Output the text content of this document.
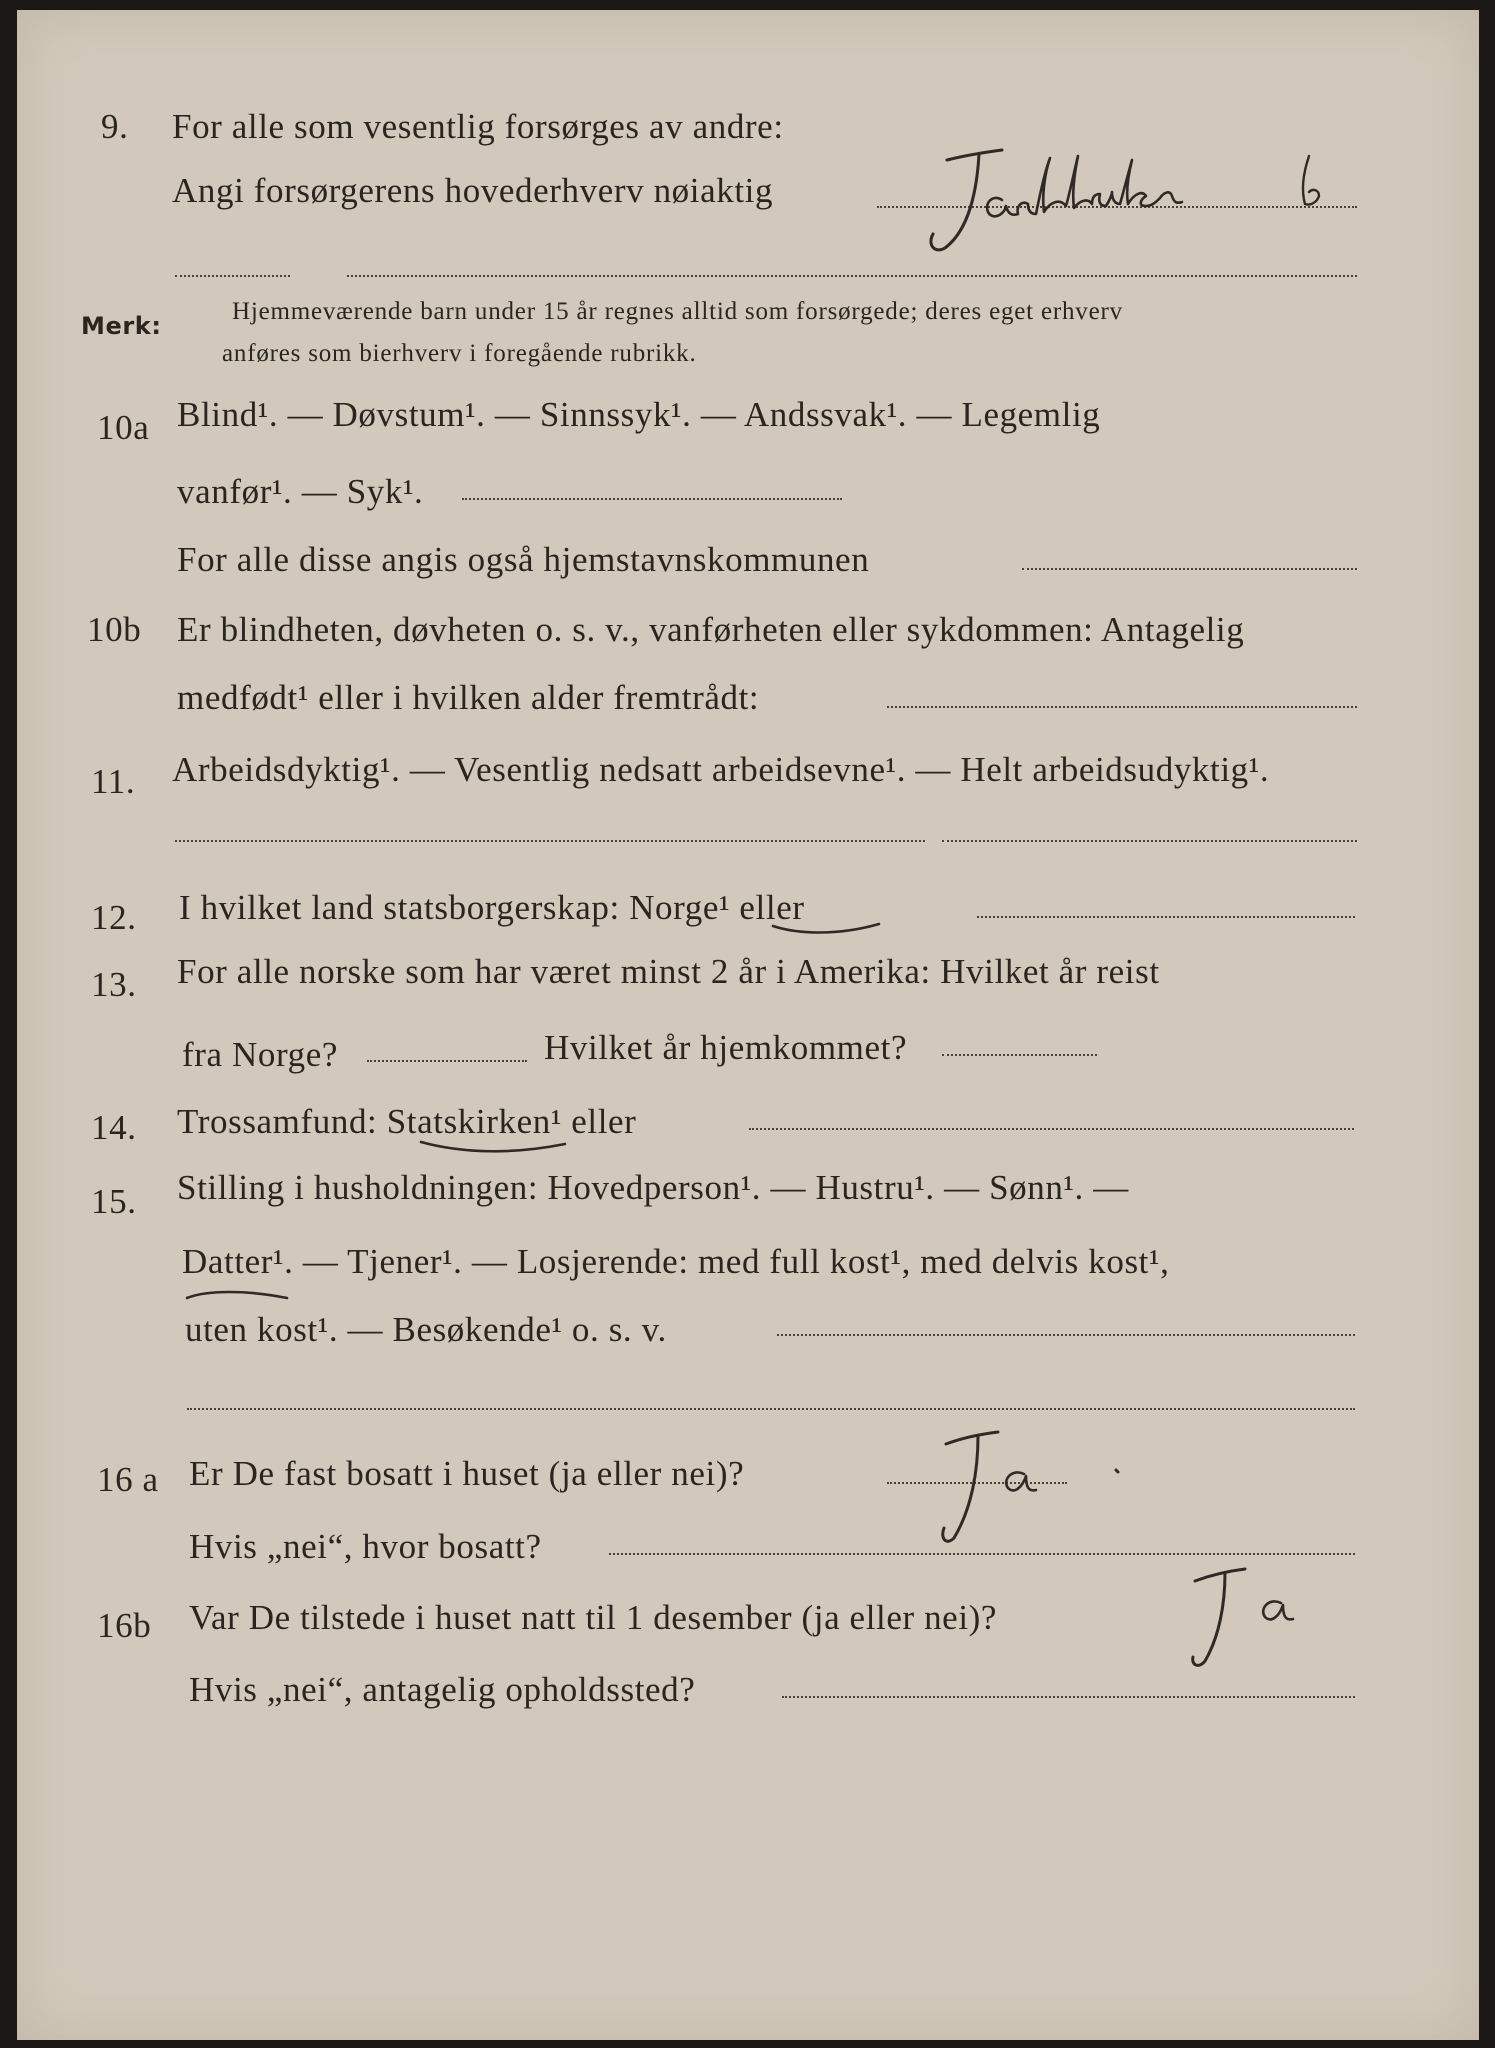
9. For alle som vesentlig forsørges av andre:
Angi forsørgerens hovederhverv nøiaktig
Merk:
Hjemmeværende barn under 15 år regnes alltid som forsørgede; deres eget erhverv
anføres som bierhverv i foregående rubrikk.
10a Blind¹. — Døvstum¹. — Sinnssyk¹. — Andssvak¹. — Legemlig
vanfør¹. — Syk¹.
For alle disse angis også hjemstavnskommunen
10b Er blindheten, døvheten o. s. v., vanførheten eller sykdommen: Antagelig
medfødt¹ eller i hvilken alder fremtrådt:
11. Arbeidsdyktig¹. — Vesentlig nedsatt arbeidsevne¹. — Helt arbeidsudyktig¹.
12. I hvilket land statsborgerskap: Norge¹ eller
13. For alle norske som har været minst 2 år i Amerika: Hvilket år reist
fra Norge?	Hvilket år hjemkommet?
14. Trossamfund: Statskirken¹ eller
15. Stilling i husholdningen: Hovedperson¹. — Hustru¹. — Sønn¹. —
Datter¹. — Tjener¹. — Losjerende: med full kost¹, med delvis kost¹,
uten kost¹. — Besøkende¹ o. s. v.
16 a Er De fast bosatt i huset (ja eller nei)?
Hvis „nei“, hvor bosatt?
16b Var De tilstede i huset natt til 1 desember (ja eller nei)?
Hvis „nei“, antagelig opholdssted?
